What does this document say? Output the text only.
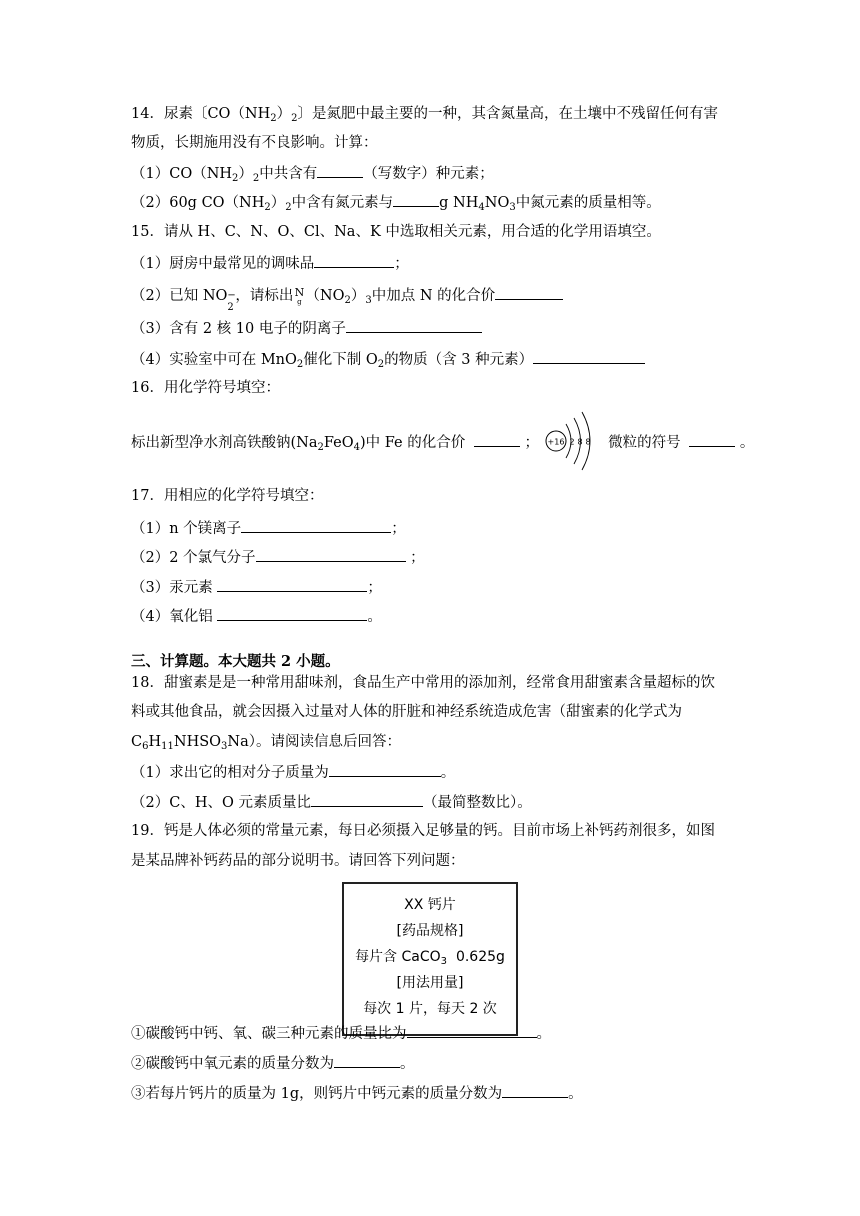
14．尿素〔$CO(NH_2)_2$〕是氮肥中最主要的一种，其含氮量高，在土壤中不残留任何有害
物质，长期施用没有不良影响。计算：
$(1)CO(NH_2)_2$中共含有	（写数字）种元素；
（2）60g $CO(NH_2)_2$中含有氮元素与	g $NH_4NO_3$中氮元素的质量相等。
15．请从 H、C、N、O、Cl、Na、K 中选取相关元素，用合适的化学用语填空。
（1）厨房中最常见的调味品	；
（2）已知 NO −
2
，请标出 N
g $(NO_2)_3$中加点 N 的化合价
（3）含有 2 核 10 电子的阴离子
（4）实验室中可在 MnO$_2$催化下制 $O_2$的物质（含 3 种元素）
16．用化学符号填空：
标出新型净水剂高铁酸钠$(Na_2FeO_4)$中 Fe 的化合价	； +16 2 8 8 微粒的符号	。
17．用相应的化学符号填空：
（1）n 个镁离子	；
（2）2 个氯气分子	；
（3）汞元素	；
（4）氧化铝	。
三、计算题。本大题共 2 小题。
18．甜蜜素是是一种常用甜味剂，食品生产中常用的添加剂，经常食用甜蜜素含量超标的饮
料或其他食品，就会因摄入过量对人体的肝脏和神经系统造成危害（甜蜜素的化学式为
$C_6H_{11}NHSO_3Na$）。请阅读信息后回答：
（1）求出它的相对分子质量为	。
（2）C、H、O 元素质量比	（最简整数比）。
19．钙是人体必须的常量元素，每日必须摄入足够量的钙。目前市场上补钙药剂很多，如图
是某品牌补钙药品的部分说明书。请回答下列问题：
XX 钙片
[药品规格]
每片含 CaCO$_3$  0.625g
[用法用量]
每次 1 片，每天 2 次
①碳酸钙中钙、氧、碳三种元素的质量比为	。
②碳酸钙中氧元素的质量分数为	。
③若每片钙片的质量为 1g，则钙片中钙元素的质量分数为	。
